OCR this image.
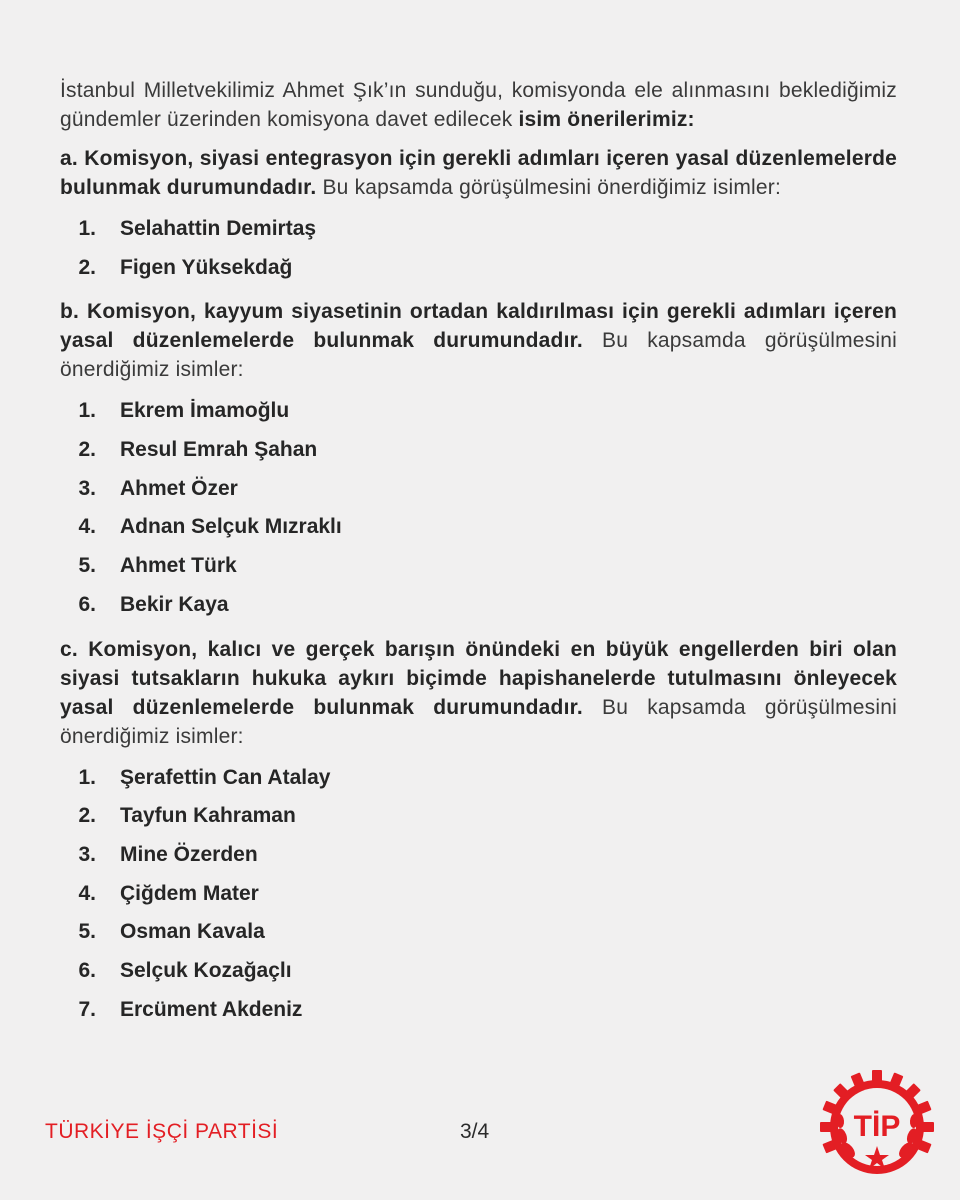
İstanbul Milletvekilimiz Ahmet Şık’ın sunduğu, komisyonda ele alınmasını beklediğimiz gündemler üzerinden komisyona davet edilecek isim önerilerimiz:

a. Komisyon, siyasi entegrasyon için gerekli adımları içeren yasal düzenlemelerde bulunmak durumundadır. Bu kapsamda görüşülmesini önerdiğimiz isimler:

1. Selahattin Demirtaş
2. Figen Yüksekdağ

b. Komisyon, kayyum siyasetinin ortadan kaldırılması için gerekli adımları içeren yasal düzenlemelerde bulunmak durumundadır. Bu kapsamda görüşülmesini önerdiğimiz isimler:

1. Ekrem İmamoğlu
2. Resul Emrah Şahan
3. Ahmet Özer
4. Adnan Selçuk Mızraklı
5. Ahmet Türk
6. Bekir Kaya

c. Komisyon, kalıcı ve gerçek barışın önündeki en büyük engellerden biri olan siyasi tutsakların hukuka aykırı biçimde hapishanelerde tutulmasını önleyecek yasal düzenlemelerde bulunmak durumundadır. Bu kapsamda görüşülmesini önerdiğimiz isimler:

1. Şerafettin Can Atalay
2. Tayfun Kahraman
3. Mine Özerden
4. Çiğdem Mater
5. Osman Kavala
6. Selçuk Kozağaçlı
7. Ercüment Akdeniz
TÜRKİYE İŞÇİ PARTİSİ	3/4	TİP
